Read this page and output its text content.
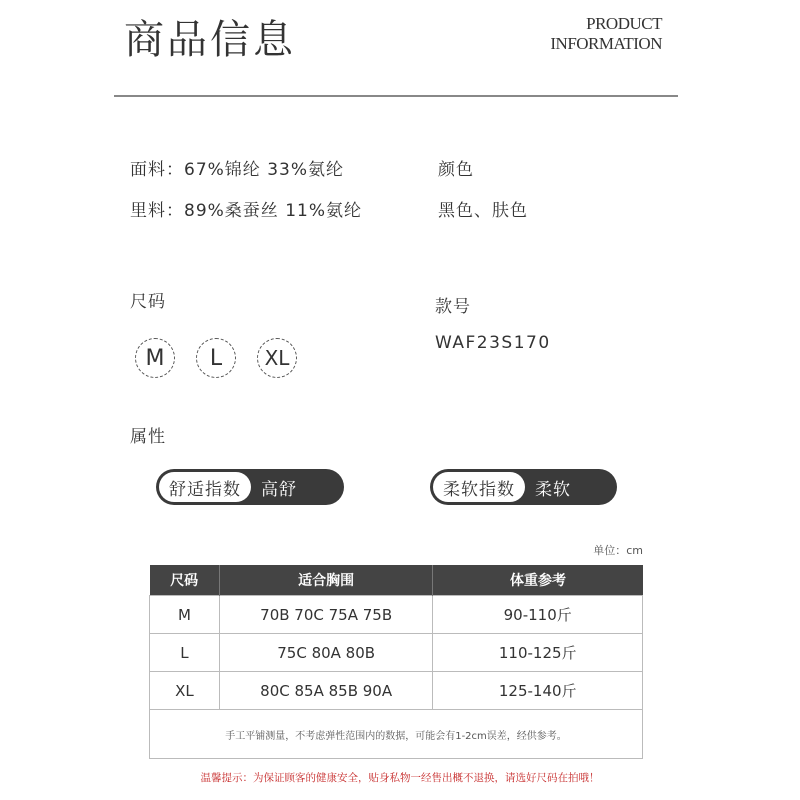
商品信息	PRODUCT
INFORMATION
面料：67%锦纶 33%氨纶
里料：89%桑蚕丝 11%氨纶
颜色
黑色、肤色
尺码
M	L	XL
款号
WAF23S170
属性
舒适指数	高舒	柔软指数	柔软
单位：cm
尺码	适合胸围	体重参考
M	70B 70C 75A 75B	90-110斤
L	75C 80A 80B	110-125斤
XL	80C 85A 85B 90A	125-140斤
手工平铺测量，不考虑弹性范围内的数据，可能会有1-2cm误差，经供参考。		
温馨提示：为保证顾客的健康安全，贴身私物一经售出概不退换，请选好尺码在拍哦！
